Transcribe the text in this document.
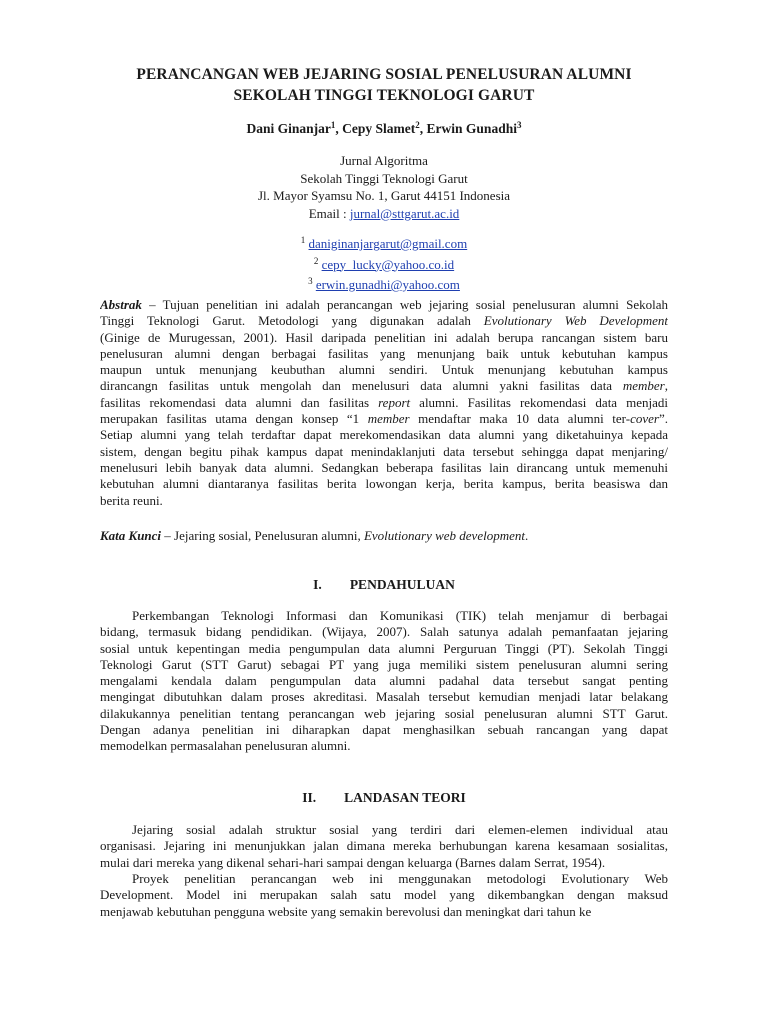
PERANCANGAN WEB JEJARING SOSIAL PENELUSURAN ALUMNI
SEKOLAH TINGGI TEKNOLOGI GARUT
Dani Ginanjar$^1$, Cepy Slamet$^2$, Erwin Gunadhi$^3$
Jurnal Algoritma
Sekolah Tinggi Teknologi Garut
Jl. Mayor Syamsu No. 1, Garut 44151 Indonesia
Email : jurnal@sttgarut.ac.id
$^1$ daniginanjargarut@gmail.com
$^2$ cepy_lucky@yahoo.co.id
$^3$ erwin.gunadhi@yahoo.com
Abstrak – Tujuan penelitian ini adalah perancangan web jejaring sosial penelusuran alumni Sekolah
Tinggi Teknologi Garut. Metodologi yang digunakan adalah Evolutionary Web Development
(Ginige de Murugessan, 2001). Hasil daripada penelitian ini adalah berupa rancangan sistem baru
penelusuran alumni dengan berbagai fasilitas yang menunjang baik untuk kebutuhan kampus
maupun untuk menunjang keubuthan alumni sendiri. Untuk menunjang kebutuhan kampus
dirancangn fasilitas untuk mengolah dan menelusuri data alumni yakni fasilitas data member,
fasilitas rekomendasi data alumni dan fasilitas report alumni. Fasilitas rekomendasi data menjadi
merupakan fasilitas utama dengan konsep “1 member mendaftar maka 10 data alumni ter-cover”.
Setiap alumni yang telah terdaftar dapat merekomendasikan data alumni yang diketahuinya kepada
sistem, dengan begitu pihak kampus dapat menindaklanjuti data tersebut sehingga dapat menjaring/
menelusuri lebih banyak data alumni. Sedangkan beberapa fasilitas lain dirancang untuk memenuhi
kebutuhan alumni diantaranya fasilitas berita lowongan kerja, berita kampus, berita beasiswa dan
berita reuni.
Kata Kunci – Jejaring sosial, Penelusuran alumni, Evolutionary web development.
I. PENDAHULUAN
Perkembangan Teknologi Informasi dan Komunikasi (TIK) telah menjamur di berbagai
bidang, termasuk bidang pendidikan. (Wijaya, 2007). Salah satunya adalah pemanfaatan jejaring
sosial untuk kepentingan media pengumpulan data alumni Perguruan Tinggi (PT). Sekolah Tinggi
Teknologi Garut (STT Garut) sebagai PT yang juga memiliki sistem penelusuran alumni sering
mengalami kendala dalam pengumpulan data alumni padahal data tersebut sangat penting
mengingat dibutuhkan dalam proses akreditasi. Masalah tersebut kemudian menjadi latar belakang
dilakukannya penelitian tentang perancangan web jejaring sosial penelusuran alumni STT Garut.
Dengan adanya penelitian ini diharapkan dapat menghasilkan sebuah rancangan yang dapat
memodelkan permasalahan penelusuran alumni.
II. LANDASAN TEORI
Jejaring sosial adalah struktur sosial yang terdiri dari elemen-elemen individual atau
organisasi. Jejaring ini menunjukkan jalan dimana mereka berhubungan karena kesamaan sosialitas,
mulai dari mereka yang dikenal sehari-hari sampai dengan keluarga (Barnes dalam Serrat, 1954).
Proyek penelitian perancangan web ini menggunakan metodologi Evolutionary Web
Development. Model ini merupakan salah satu model yang dikembangkan dengan maksud
menjawab kebutuhan pengguna website yang semakin berevolusi dan meningkat dari tahun ke
